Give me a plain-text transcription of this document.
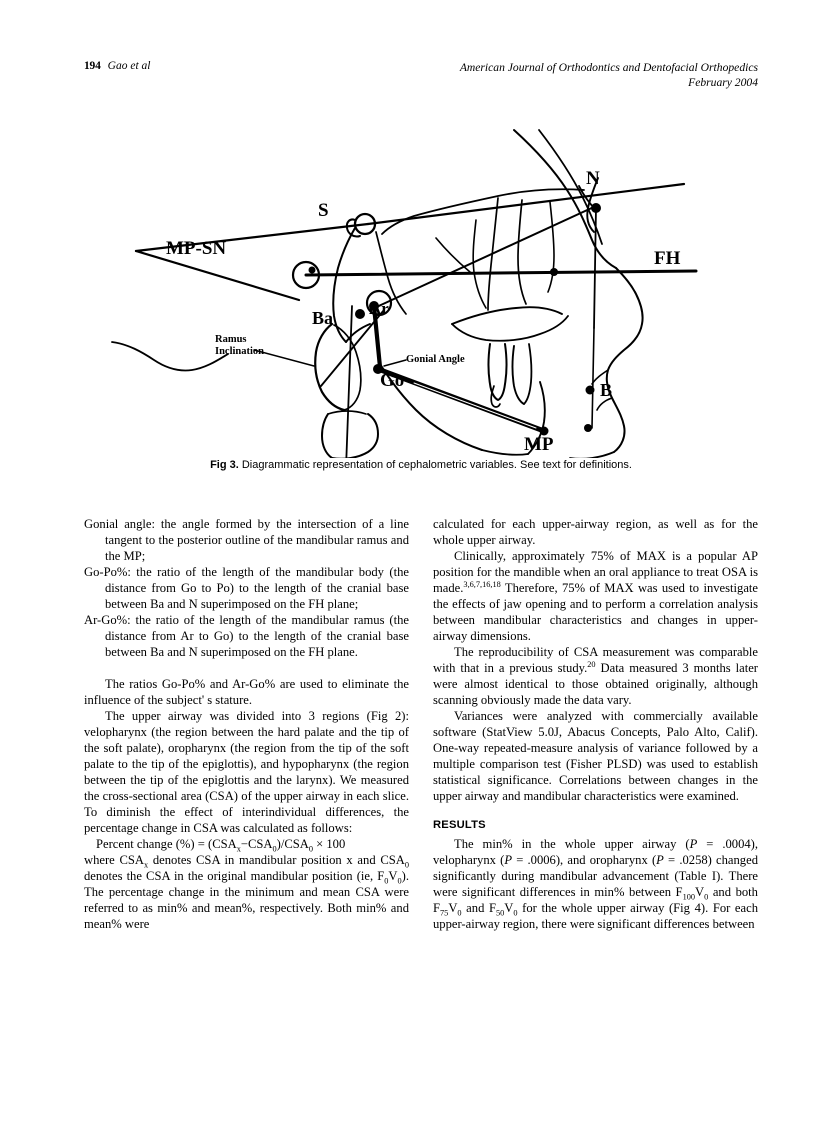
194 Gao et al	American Journal of Orthodontics and Dentofacial Orthopedics
February 2004
MP-SN
S
N
FH
Ba Ar
Ramus
Inclination
Gonial Angle
Go	B
MP
Fig 3. Diagrammatic representation of cephalometric variables. See text for definitions.

Gonial angle: the angle formed by the intersection of a line tangent to the posterior outline of the mandibular ramus and the MP;

Go-Po%: the ratio of the length of the mandibular body (the distance from Go to Po) to the length of the cranial base between Ba and N superimposed on the FH plane;

Ar-Go%: the ratio of the length of the mandibular ramus (the distance from Ar to Go) to the length of the cranial base between Ba and N superimposed on the FH plane.

The ratios Go-Po% and Ar-Go% are used to eliminate the influence of the subject' s stature.

The upper airway was divided into 3 regions (Fig 2): velopharynx (the region between the hard palate and the tip of the soft palate), oropharynx (the region from the tip of the soft palate to the tip of the epiglottis), and hypopharynx (the region between the tip of the epiglottis and the larynx). We measured the cross-sectional area (CSA) of the upper airway in each slice. To diminish the effect of interindividual differences, the percentage change in CSA was calculated as follows:

Percent change (%) = $(CSA_x-CSA_0)/CSA_0 \times 100$

where $CSA_x$ denotes CSA in mandibular position x and $CSA_0$ denotes the CSA in the original mandibular position (ie, $F_0V_0$). The percentage change in the minimum and mean CSA were referred to as min% and mean%, respectively. Both min% and mean% were

calculated for each upper-airway region, as well as for the whole upper airway.

Clinically, approximately 75% of MAX is a popular AP position for the mandible when an oral appliance to treat OSA is made.$^{3,6,7,16,18}$ Therefore, 75% of MAX was used to investigate the effects of jaw opening and to perform a correlation analysis between mandibular characteristics and changes in upper-airway dimensions.

The reproducibility of CSA measurement was comparable with that in a previous study.$^{20}$ Data measured 3 months later were almost identical to those obtained originally, although scanning obviously made the data vary.

Variances were analyzed with commercially available software (StatView 5.0J, Abacus Concepts, Palo Alto, Calif). One-way repeated-measure analysis of variance followed by a multiple comparison test (Fisher PLSD) was used to establish statistical significance. Correlations between changes in the upper airway and mandibular characteristics were examined.

RESULTS

The min% in the whole upper airway (P = .0004), velopharynx (P = .0006), and oropharynx (P = .0258) changed significantly during mandibular advancement (Table I). There were significant differences in min% between $F_{100}V_0$ and both $F_{75}V_0$ and $F_{50}V_0$ for the whole upper airway (Fig 4). For each upper-airway region, there were significant differences between
